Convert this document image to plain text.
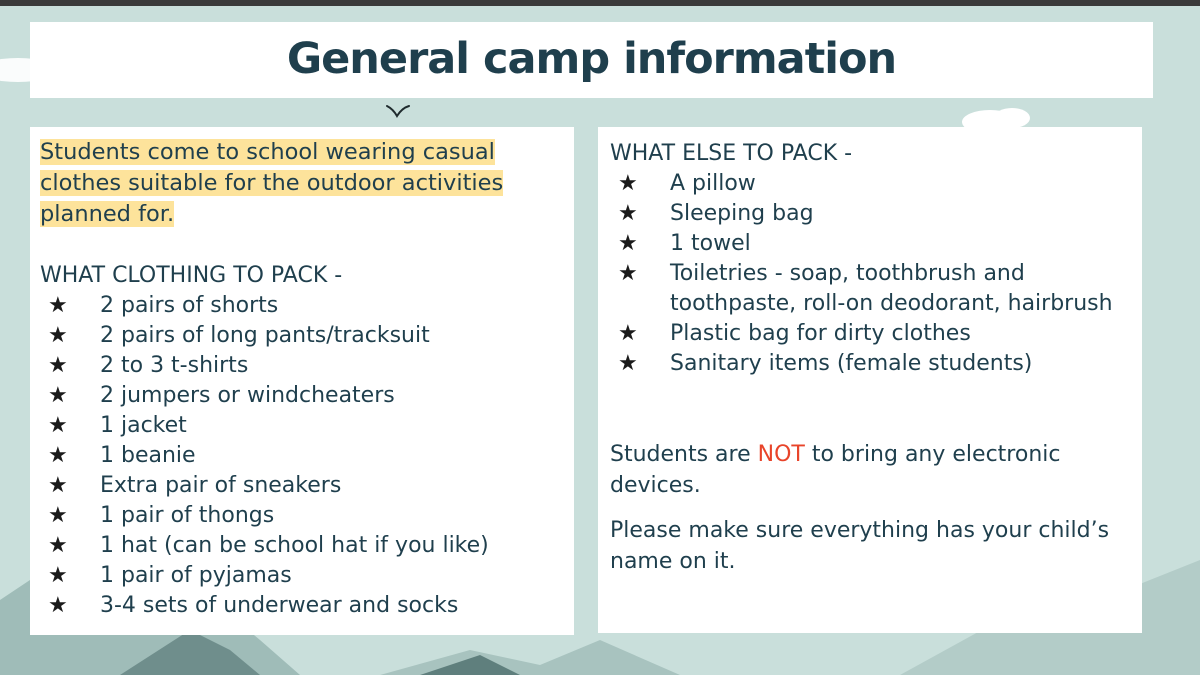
General camp information

Students come to school wearing casual clothes suitable for the outdoor activities planned for.

WHAT CLOTHING TO PACK -

★ 2 pairs of shorts
★ 2 pairs of long pants/tracksuit
★ 2 to 3 t-shirts
★ 2 jumpers or windcheaters
★ 1 jacket
★ 1 beanie
★ Extra pair of sneakers
★ 1 pair of thongs
★ 1 hat (can be school hat if you like)
★ 1 pair of pyjamas
★ 3-4 sets of underwear and socks

WHAT ELSE TO PACK -

★ A pillow
★ Sleeping bag
★ 1 towel
★ Toiletries - soap, toothbrush and toothpaste, roll-on deodorant, hairbrush
★ Plastic bag for dirty clothes
★ Sanitary items (female students)

Students are NOT to bring any electronic devices.

Please make sure everything has your child’s name on it.
